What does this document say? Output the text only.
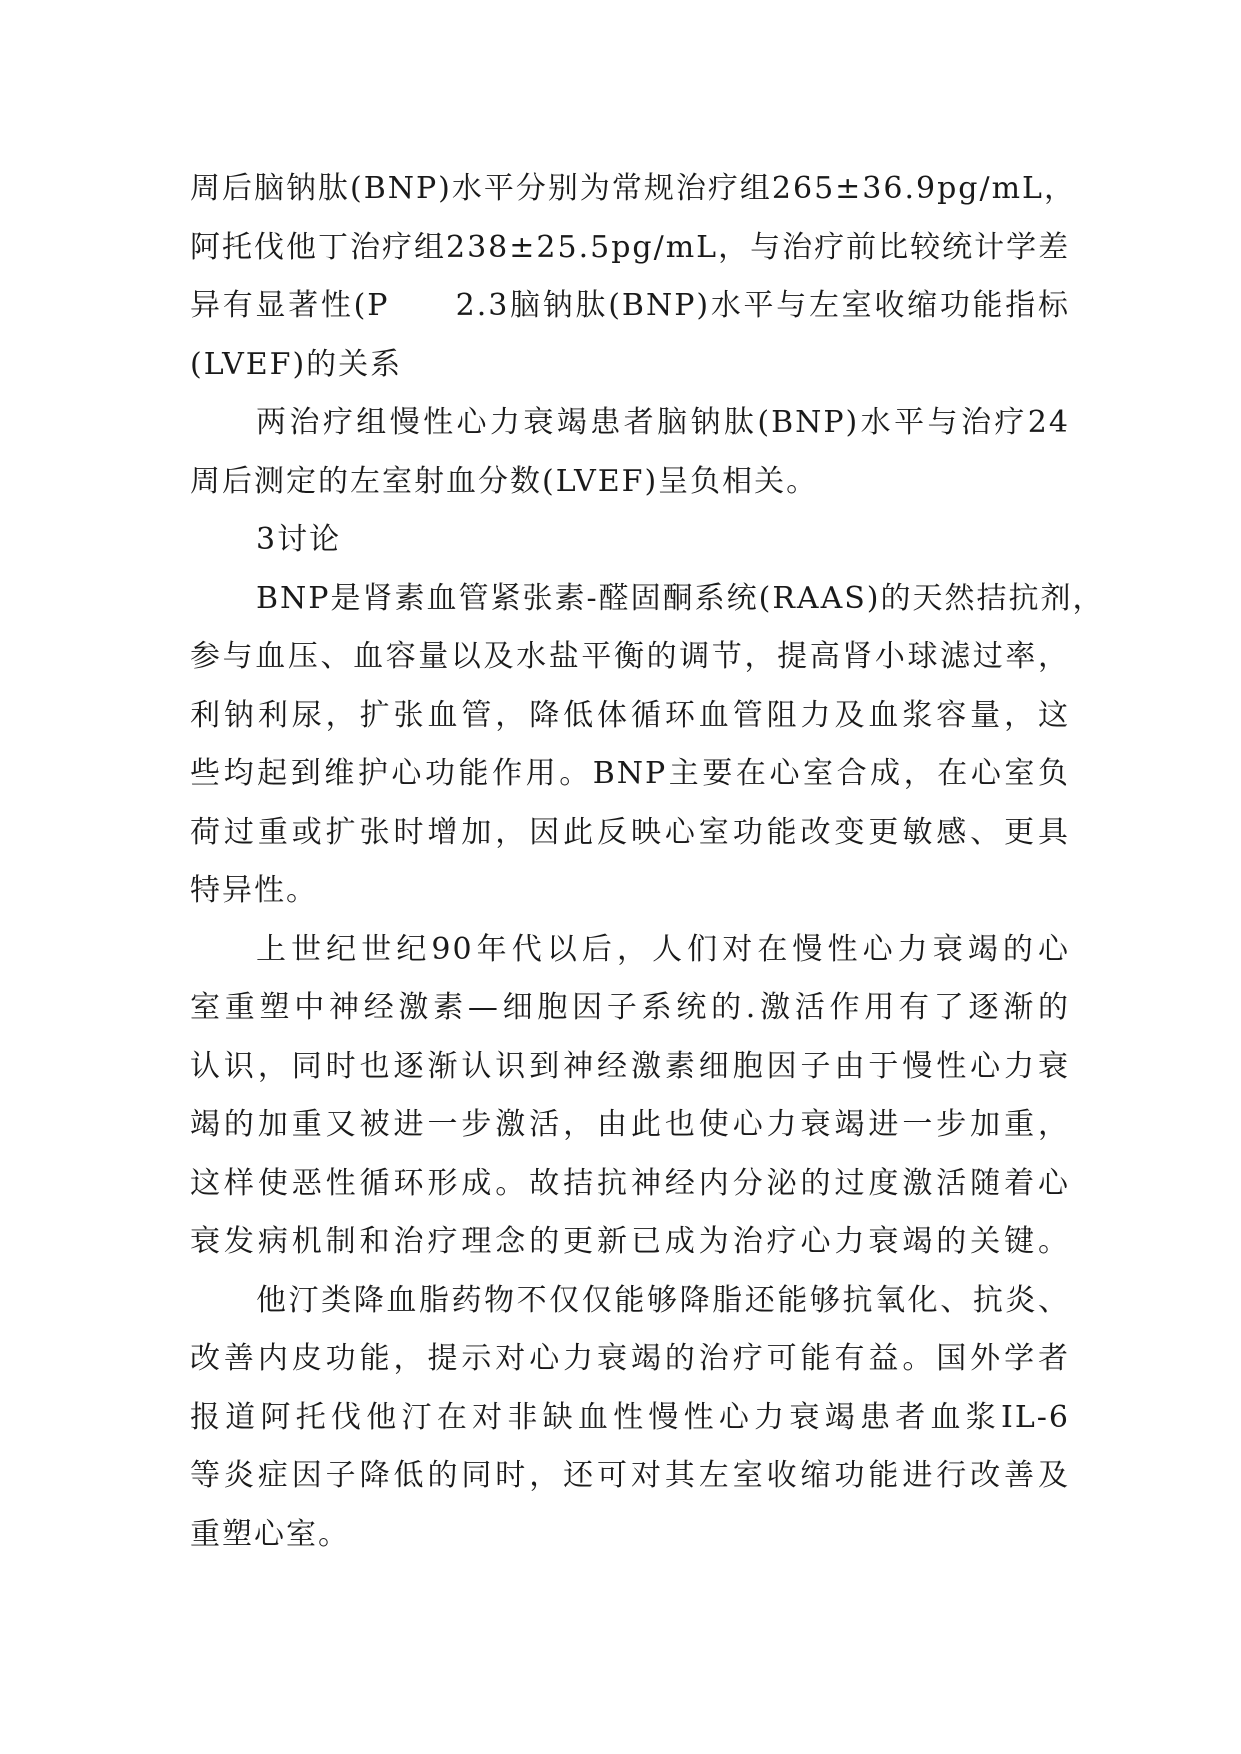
周后脑钠肽(BNP)水平分别为常规治疗组265±36.9pg/mL，
阿托伐他丁治疗组238±25.5pg/mL，与治疗前比较统计学差
异有显著性(P　　2.3脑钠肽(BNP)水平与左室收缩功能指标
(LVEF)的关系
两治疗组慢性心力衰竭患者脑钠肽(BNP)水平与治疗24
周后测定的左室射血分数(LVEF)呈负相关。
3讨论
BNP是肾素血管紧张素-醛固酮系统(RAAS)的天然拮抗剂，
参与血压、血容量以及水盐平衡的调节，提高肾小球滤过率，
利钠利尿，扩张血管，降低体循环血管阻力及血浆容量，这
些均起到维护心功能作用。BNP主要在心室合成，在心室负
荷过重或扩张时增加，因此反映心室功能改变更敏感、更具
特异性。
上世纪世纪90年代以后，人们对在慢性心力衰竭的心
室重塑中神经激素—细胞因子系统的.激活作用有了逐渐的
认识，同时也逐渐认识到神经激素细胞因子由于慢性心力衰
竭的加重又被进一步激活，由此也使心力衰竭进一步加重，
这样使恶性循环形成。故拮抗神经内分泌的过度激活随着心
衰发病机制和治疗理念的更新已成为治疗心力衰竭的关键。
他汀类降血脂药物不仅仅能够降脂还能够抗氧化、抗炎、
改善内皮功能，提示对心力衰竭的治疗可能有益。国外学者
报道阿托伐他汀在对非缺血性慢性心力衰竭患者血浆IL-6
等炎症因子降低的同时，还可对其左室收缩功能进行改善及
重塑心室。
